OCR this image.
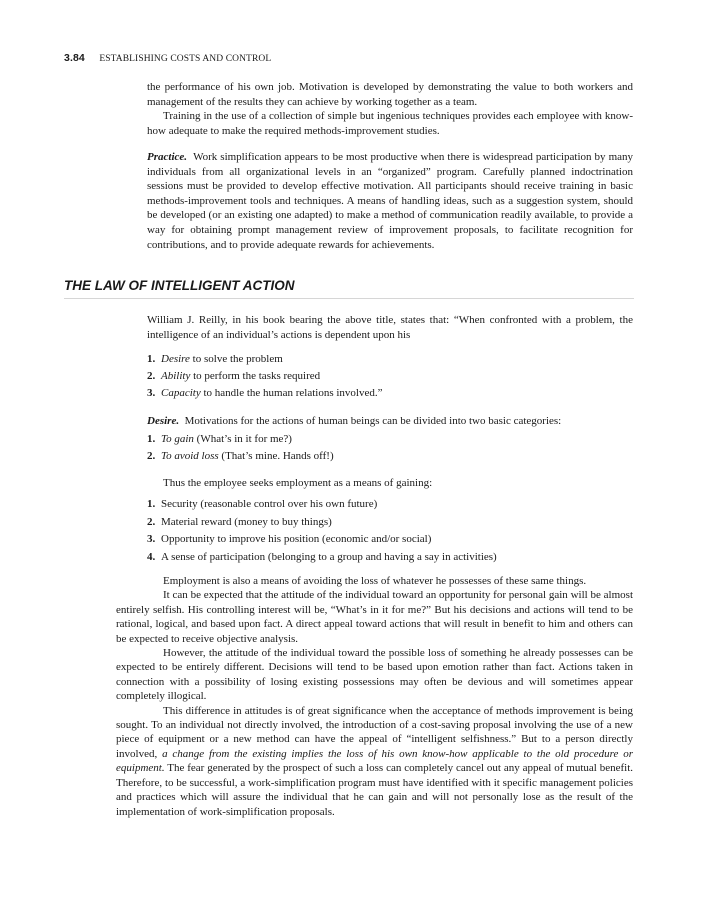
3.84 ESTABLISHING COSTS AND CONTROL

the performance of his own job. Motivation is developed by demonstrating the value to both workers and management of the results they can achieve by working together as a team.

Training in the use of a collection of simple but ingenious techniques provides each employee with know-how adequate to make the required methods-improvement studies.

Practice. Work simplification appears to be most productive when there is widespread participation by many individuals from all organizational levels in an “organized” program. Carefully planned indoctrination sessions must be provided to develop effective motivation. All participants should receive training in basic methods-improvement tools and techniques. A means of handling ideas, such as a suggestion system, should be developed (or an existing one adapted) to make a method of communication readily available, to provide a way for obtaining prompt management review of improvement proposals, to facilitate recognition for contributions, and to provide adequate rewards for achievements.

THE LAW OF INTELLIGENT ACTION

William J. Reilly, in his book bearing the above title, states that: “When confronted with a problem, the intelligence of an individual’s actions is dependent upon his

1. Desire to solve the problem
2. Ability to perform the tasks required
3. Capacity to handle the human relations involved.”

Desire. Motivations for the actions of human beings can be divided into two basic categories:

1. To gain (What’s in it for me?)
2. To avoid loss (That’s mine. Hands off!)

Thus the employee seeks employment as a means of gaining:

1. Security (reasonable control over his own future)
2. Material reward (money to buy things)
3. Opportunity to improve his position (economic and/or social)
4. A sense of participation (belonging to a group and having a say in activities)

Employment is also a means of avoiding the loss of whatever he possesses of these same things.

It can be expected that the attitude of the individual toward an opportunity for personal gain will be almost entirely selfish. His controlling interest will be, “What’s in it for me?” But his decisions and actions will tend to be rational, logical, and based upon fact. A direct appeal toward actions that will result in benefit to him and others can be expected to receive objective analysis.

However, the attitude of the individual toward the possible loss of something he already possesses can be expected to be entirely different. Decisions will tend to be based upon emotion rather than fact. Actions taken in connection with a possibility of losing existing possessions may often be devious and will sometimes appear completely illogical.

This difference in attitudes is of great significance when the acceptance of methods improvement is being sought. To an individual not directly involved, the introduction of a cost-saving proposal involving the use of a new piece of equipment or a new method can have the appeal of “intelligent selfishness.” But to a person directly involved, a change from the existing implies the loss of his own know-how applicable to the old procedure or equipment. The fear generated by the prospect of such a loss can completely cancel out any appeal of mutual benefit. Therefore, to be successful, a work-simplification program must have identified with it specific management policies and practices which will assure the individual that he can gain and will not personally lose as the result of the implementation of work-simplification proposals.
